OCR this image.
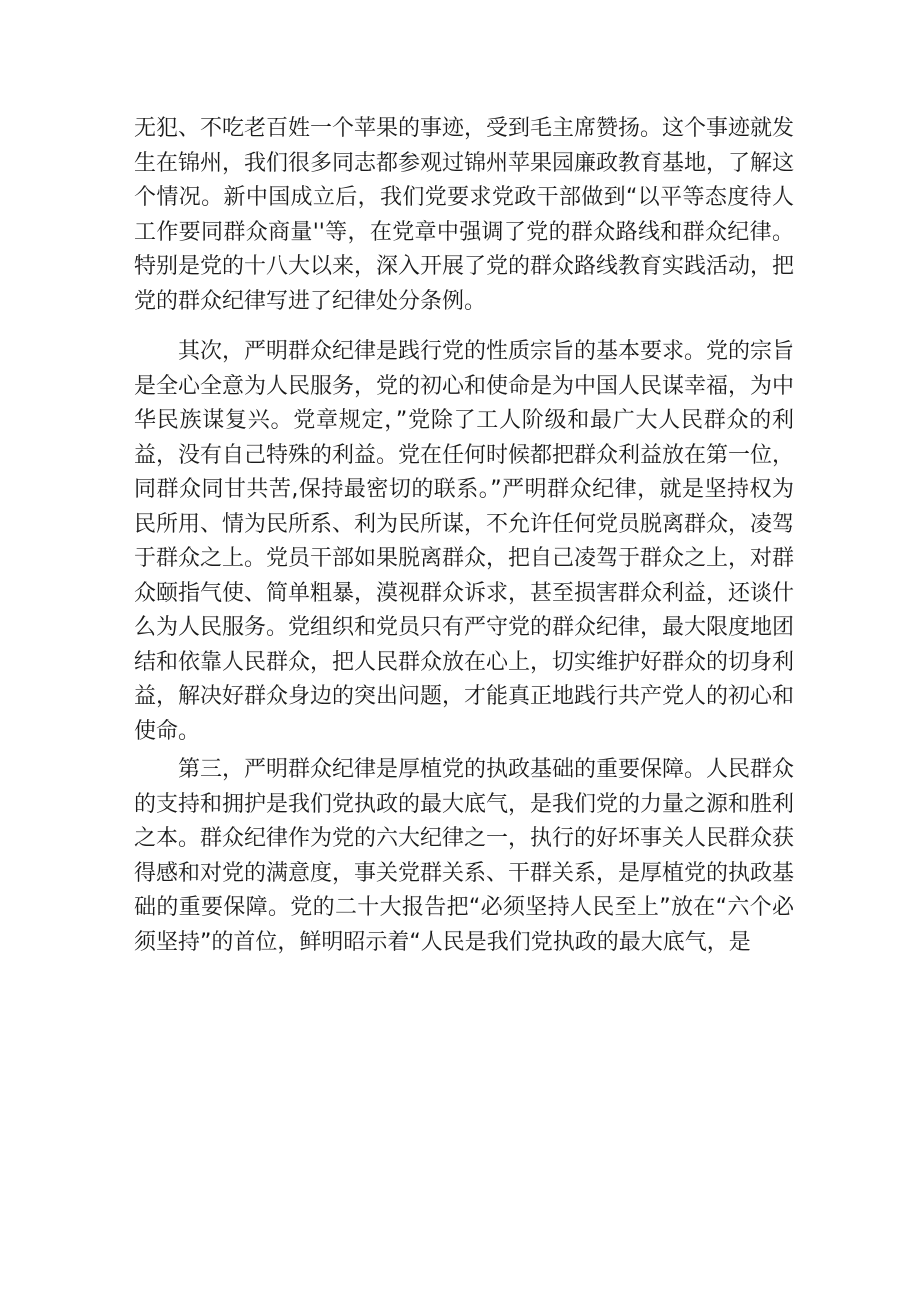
无犯、不吃老百姓一个苹果的事迹，受到毛主席赞扬。这个事迹就发生在锦州，我们很多同志都参观过锦州苹果园廉政教育基地，了解这个情况。新中国成立后，我们党要求党政干部做到“以平等态度待人工作要同群众商量''等，在党章中强调了党的群众路线和群众纪律。特别是党的十八大以来，深入开展了党的群众路线教育实践活动，把党的群众纪律写进了纪律处分条例。

其次，严明群众纪律是践行党的性质宗旨的基本要求。党的宗旨是全心全意为人民服务，党的初心和使命是为中国人民谋幸福，为中华民族谋复兴。党章规定，”党除了工人阶级和最广大人民群众的利益，没有自己特殊的利益。党在任何时候都把群众利益放在第一位，同群众同甘共苦,保持最密切的联系。”严明群众纪律，就是坚持权为民所用、情为民所系、利为民所谋，不允许任何党员脱离群众，凌驾于群众之上。党员干部如果脱离群众，把自己凌驾于群众之上，对群众颐指气使、简单粗暴，漠视群众诉求，甚至损害群众利益，还谈什么为人民服务。党组织和党员只有严守党的群众纪律，最大限度地团结和依靠人民群众，把人民群众放在心上，切实维护好群众的切身利益，解决好群众身边的突出问题，才能真正地践行共产党人的初心和使命。

第三，严明群众纪律是厚植党的执政基础的重要保障。人民群众的支持和拥护是我们党执政的最大底气，是我们党的力量之源和胜利之本。群众纪律作为党的六大纪律之一，执行的好坏事关人民群众获得感和对党的满意度，事关党群关系、干群关系，是厚植党的执政基础的重要保障。党的二十大报告把“必须坚持人民至上”放在“六个必须坚持”的首位，鲜明昭示着“人民是我们党执政的最大底气，是
